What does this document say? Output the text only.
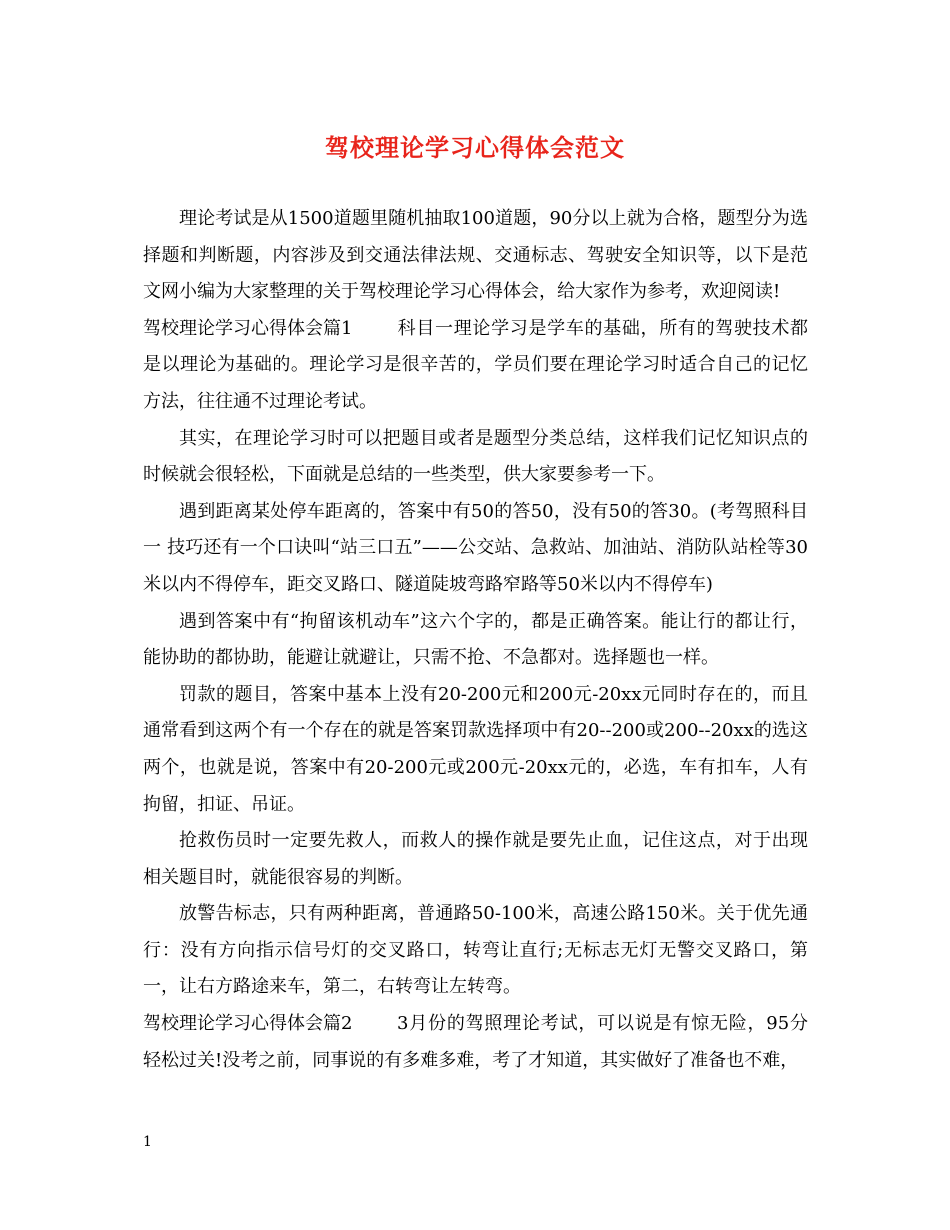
驾校理论学习心得体会范文

理论考试是从1500道题里随机抽取100道题，90分以上就为合格，题型分为选择题和判断题，内容涉及到交通法律法规、交通标志、驾驶安全知识等，以下是范文网小编为大家整理的关于驾校理论学习心得体会，给大家作为参考，欢迎阅读!

驾校理论学习心得体会篇1 科目一理论学习是学车的基础，所有的驾驶技术都是以理论为基础的。理论学习是很辛苦的，学员们要在理论学习时适合自己的记忆方法，往往通不过理论考试。

其实，在理论学习时可以把题目或者是题型分类总结，这样我们记忆知识点的时候就会很轻松，下面就是总结的一些类型，供大家要参考一下。

遇到距离某处停车距离的，答案中有50的答50，没有50的答30。(考驾照科目一 技巧还有一个口诀叫“站三口五”——公交站、急救站、加油站、消防队站栓等30米以内不得停车，距交叉路口、隧道陡坡弯路窄路等50米以内不得停车)

遇到答案中有“拘留该机动车”这六个字的，都是正确答案。能让行的都让行，能协助的都协助，能避让就避让，只需不抢、不急都对。选择题也一样。

罚款的题目，答案中基本上没有20-200元和200元-20xx元同时存在的，而且通常看到这两个有一个存在的就是答案罚款选择项中有20--200或200--20xx的选这两个，也就是说，答案中有20-200元或200元-20xx元的，必选，车有扣车，人有拘留，扣证、吊证。

抢救伤员时一定要先救人，而救人的操作就是要先止血，记住这点，对于出现相关题目时，就能很容易的判断。

放警告标志，只有两种距离，普通路50-100米，高速公路150米。关于优先通行：没有方向指示信号灯的交叉路口，转弯让直行;无标志无灯无警交叉路口，第一，让右方路途来车，第二，右转弯让左转弯。

驾校理论学习心得体会篇2 3月份的驾照理论考试，可以说是有惊无险，95分轻松过关!没考之前，同事说的有多难多难，考了才知道，其实做好了准备也不难，

1
